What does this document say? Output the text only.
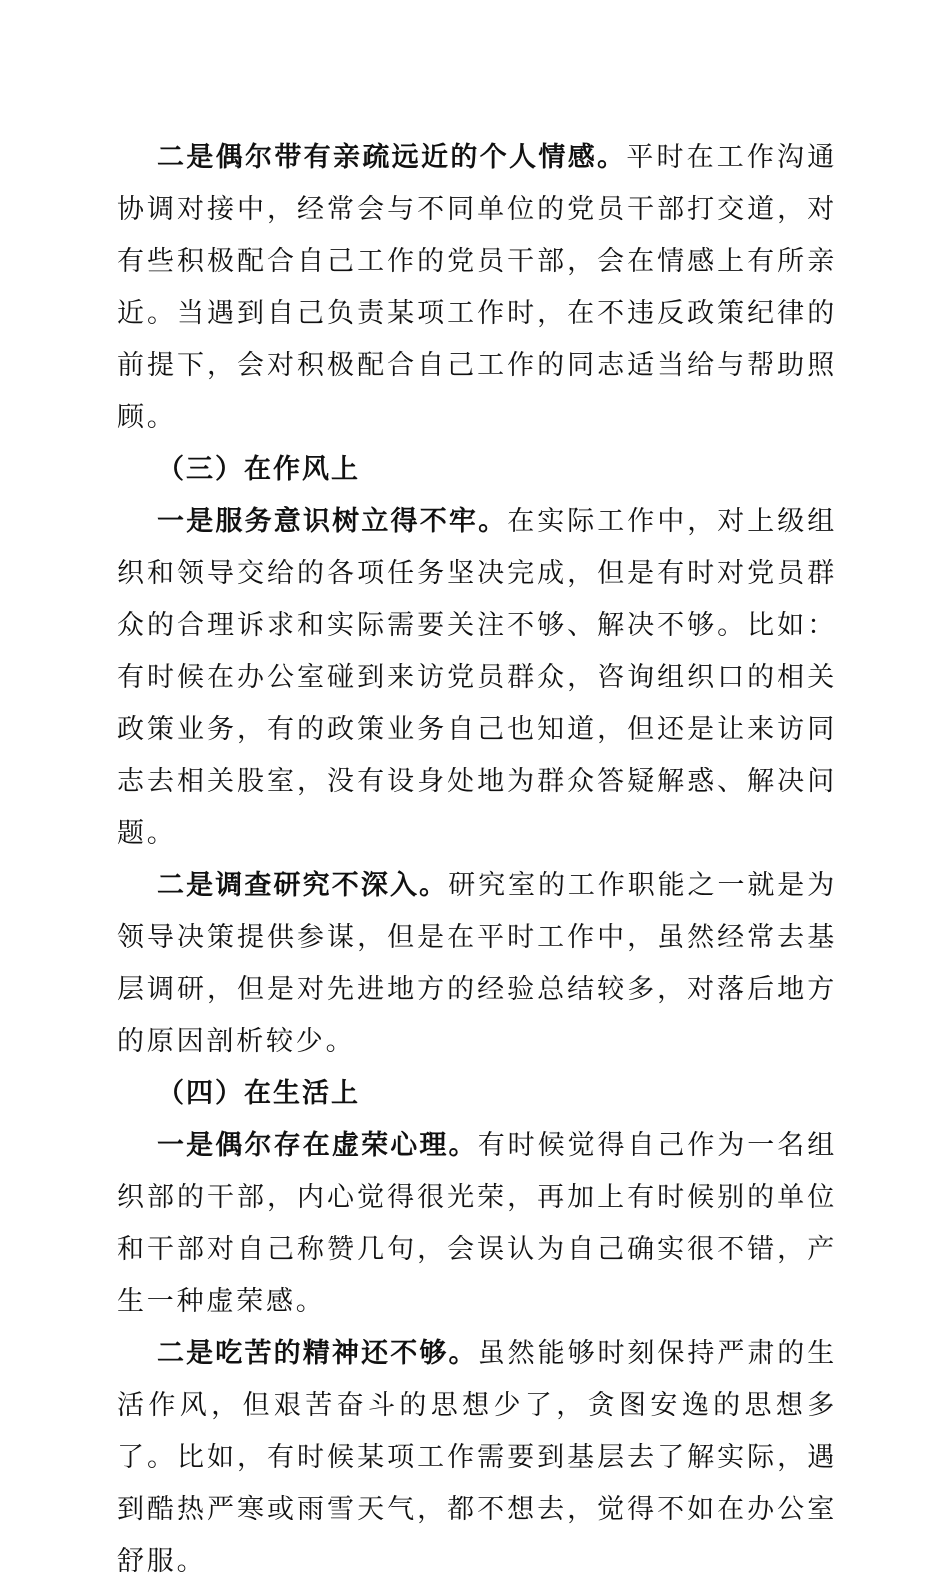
二是偶尔带有亲疏远近的个人情感。平时在工作沟通协调对接中，经常会与不同单位的党员干部打交道，对有些积极配合自己工作的党员干部，会在情感上有所亲近。当遇到自己负责某项工作时，在不违反政策纪律的前提下，会对积极配合自己工作的同志适当给与帮助照顾。

（三）在作风上

一是服务意识树立得不牢。在实际工作中，对上级组织和领导交给的各项任务坚决完成，但是有时对党员群众的合理诉求和实际需要关注不够、解决不够。比如：有时候在办公室碰到来访党员群众，咨询组织口的相关政策业务，有的政策业务自己也知道，但还是让来访同志去相关股室，没有设身处地为群众答疑解惑、解决问题。

二是调查研究不深入。研究室的工作职能之一就是为领导决策提供参谋，但是在平时工作中，虽然经常去基层调研，但是对先进地方的经验总结较多，对落后地方的原因剖析较少。

（四）在生活上

一是偶尔存在虚荣心理。有时候觉得自己作为一名组织部的干部，内心觉得很光荣，再加上有时候别的单位和干部对自己称赞几句，会误认为自己确实很不错，产生一种虚荣感。

二是吃苦的精神还不够。虽然能够时刻保持严肃的生活作风，但艰苦奋斗的思想少了，贪图安逸的思想多了。比如，有时候某项工作需要到基层去了解实际，遇到酷热严寒或雨雪天气，都不想去，觉得不如在办公室舒服。
